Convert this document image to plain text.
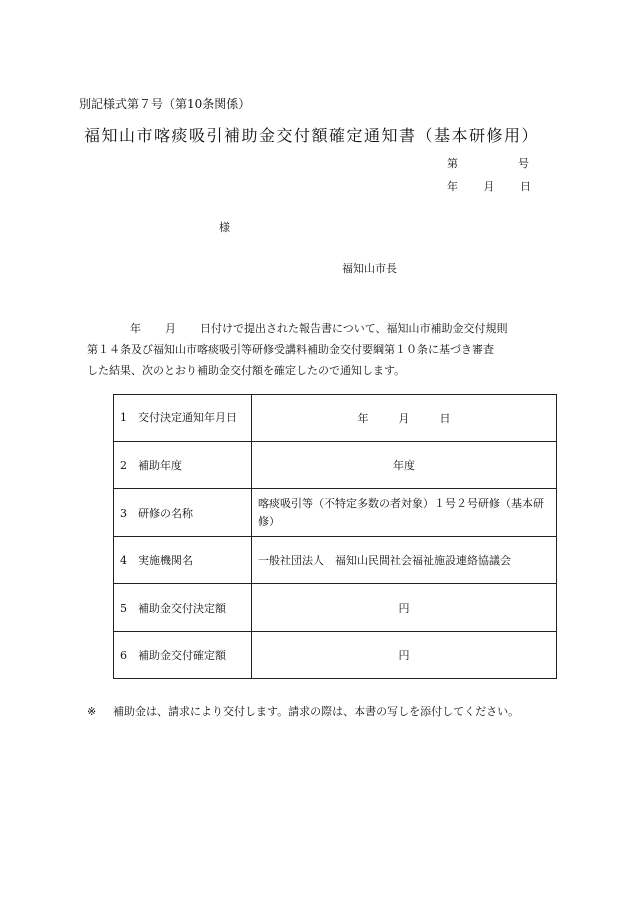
別記様式第７号（第10条関係）
福知山市喀痰吸引補助金交付額確定通知書（基本研修用）
第	号
年 月 日
様
福知山市長
年 月 日付けで提出された報告書について、福知山市補助金交付規則
第１４条及び福知山市喀痰吸引等研修受講料補助金交付要綱第１０条に基づき審査
した結果、次のとおり補助金交付額を確定したので通知します。
1　 交付決定通知年月日	年 月 日
2　 補助年度	年度
3　 研修の名称	喀痰吸引等（不特定多数の者対象）１号２号研修（基本研修）
4　 実施機関名	一般社団法人　福知山民間社会福祉施設連絡協議会
5　 補助金交付決定額	円
6　 補助金交付確定額	円
※ 補助金は、請求により交付します。請求の際は、本書の写しを添付してください。
